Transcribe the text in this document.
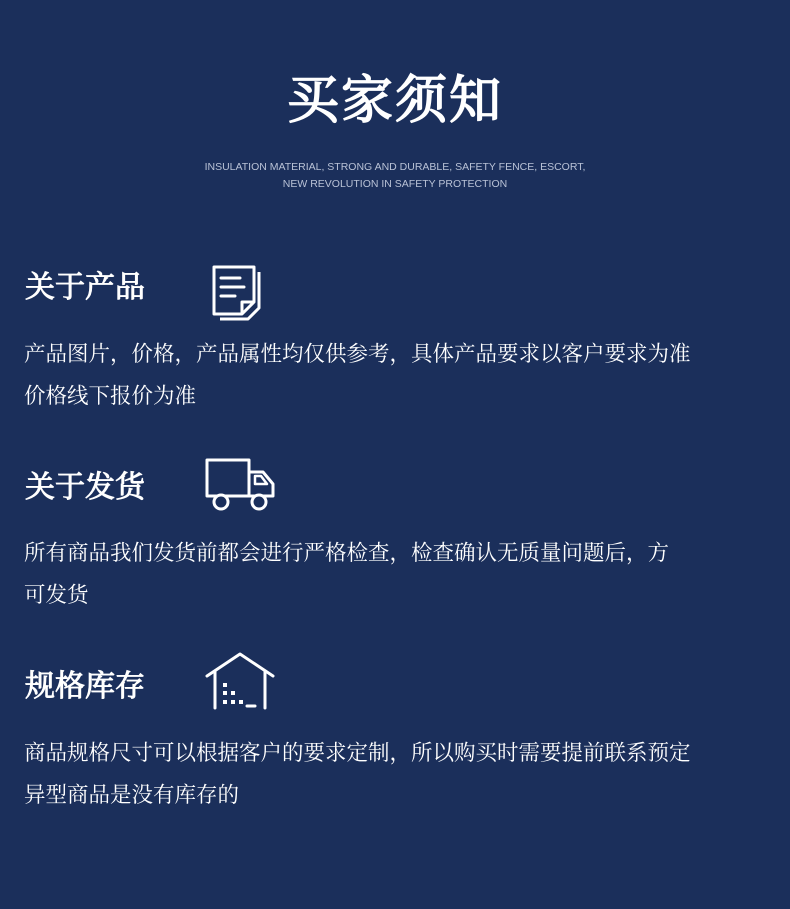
买家须知
INSULATION MATERIAL, STRONG AND DURABLE, SAFETY FENCE, ESCORT,
NEW REVOLUTION IN SAFETY PROTECTION
关于产品

产品图片，价格，产品属性均仅供参考，具体产品要求以客户要求为准
价格线下报价为准

关于发货

所有商品我们发货前都会进行严格检查，检查确认无质量问题后，方
可发货

规格库存

商品规格尺寸可以根据客户的要求定制，所以购买时需要提前联系预定
异型商品是没有库存的
